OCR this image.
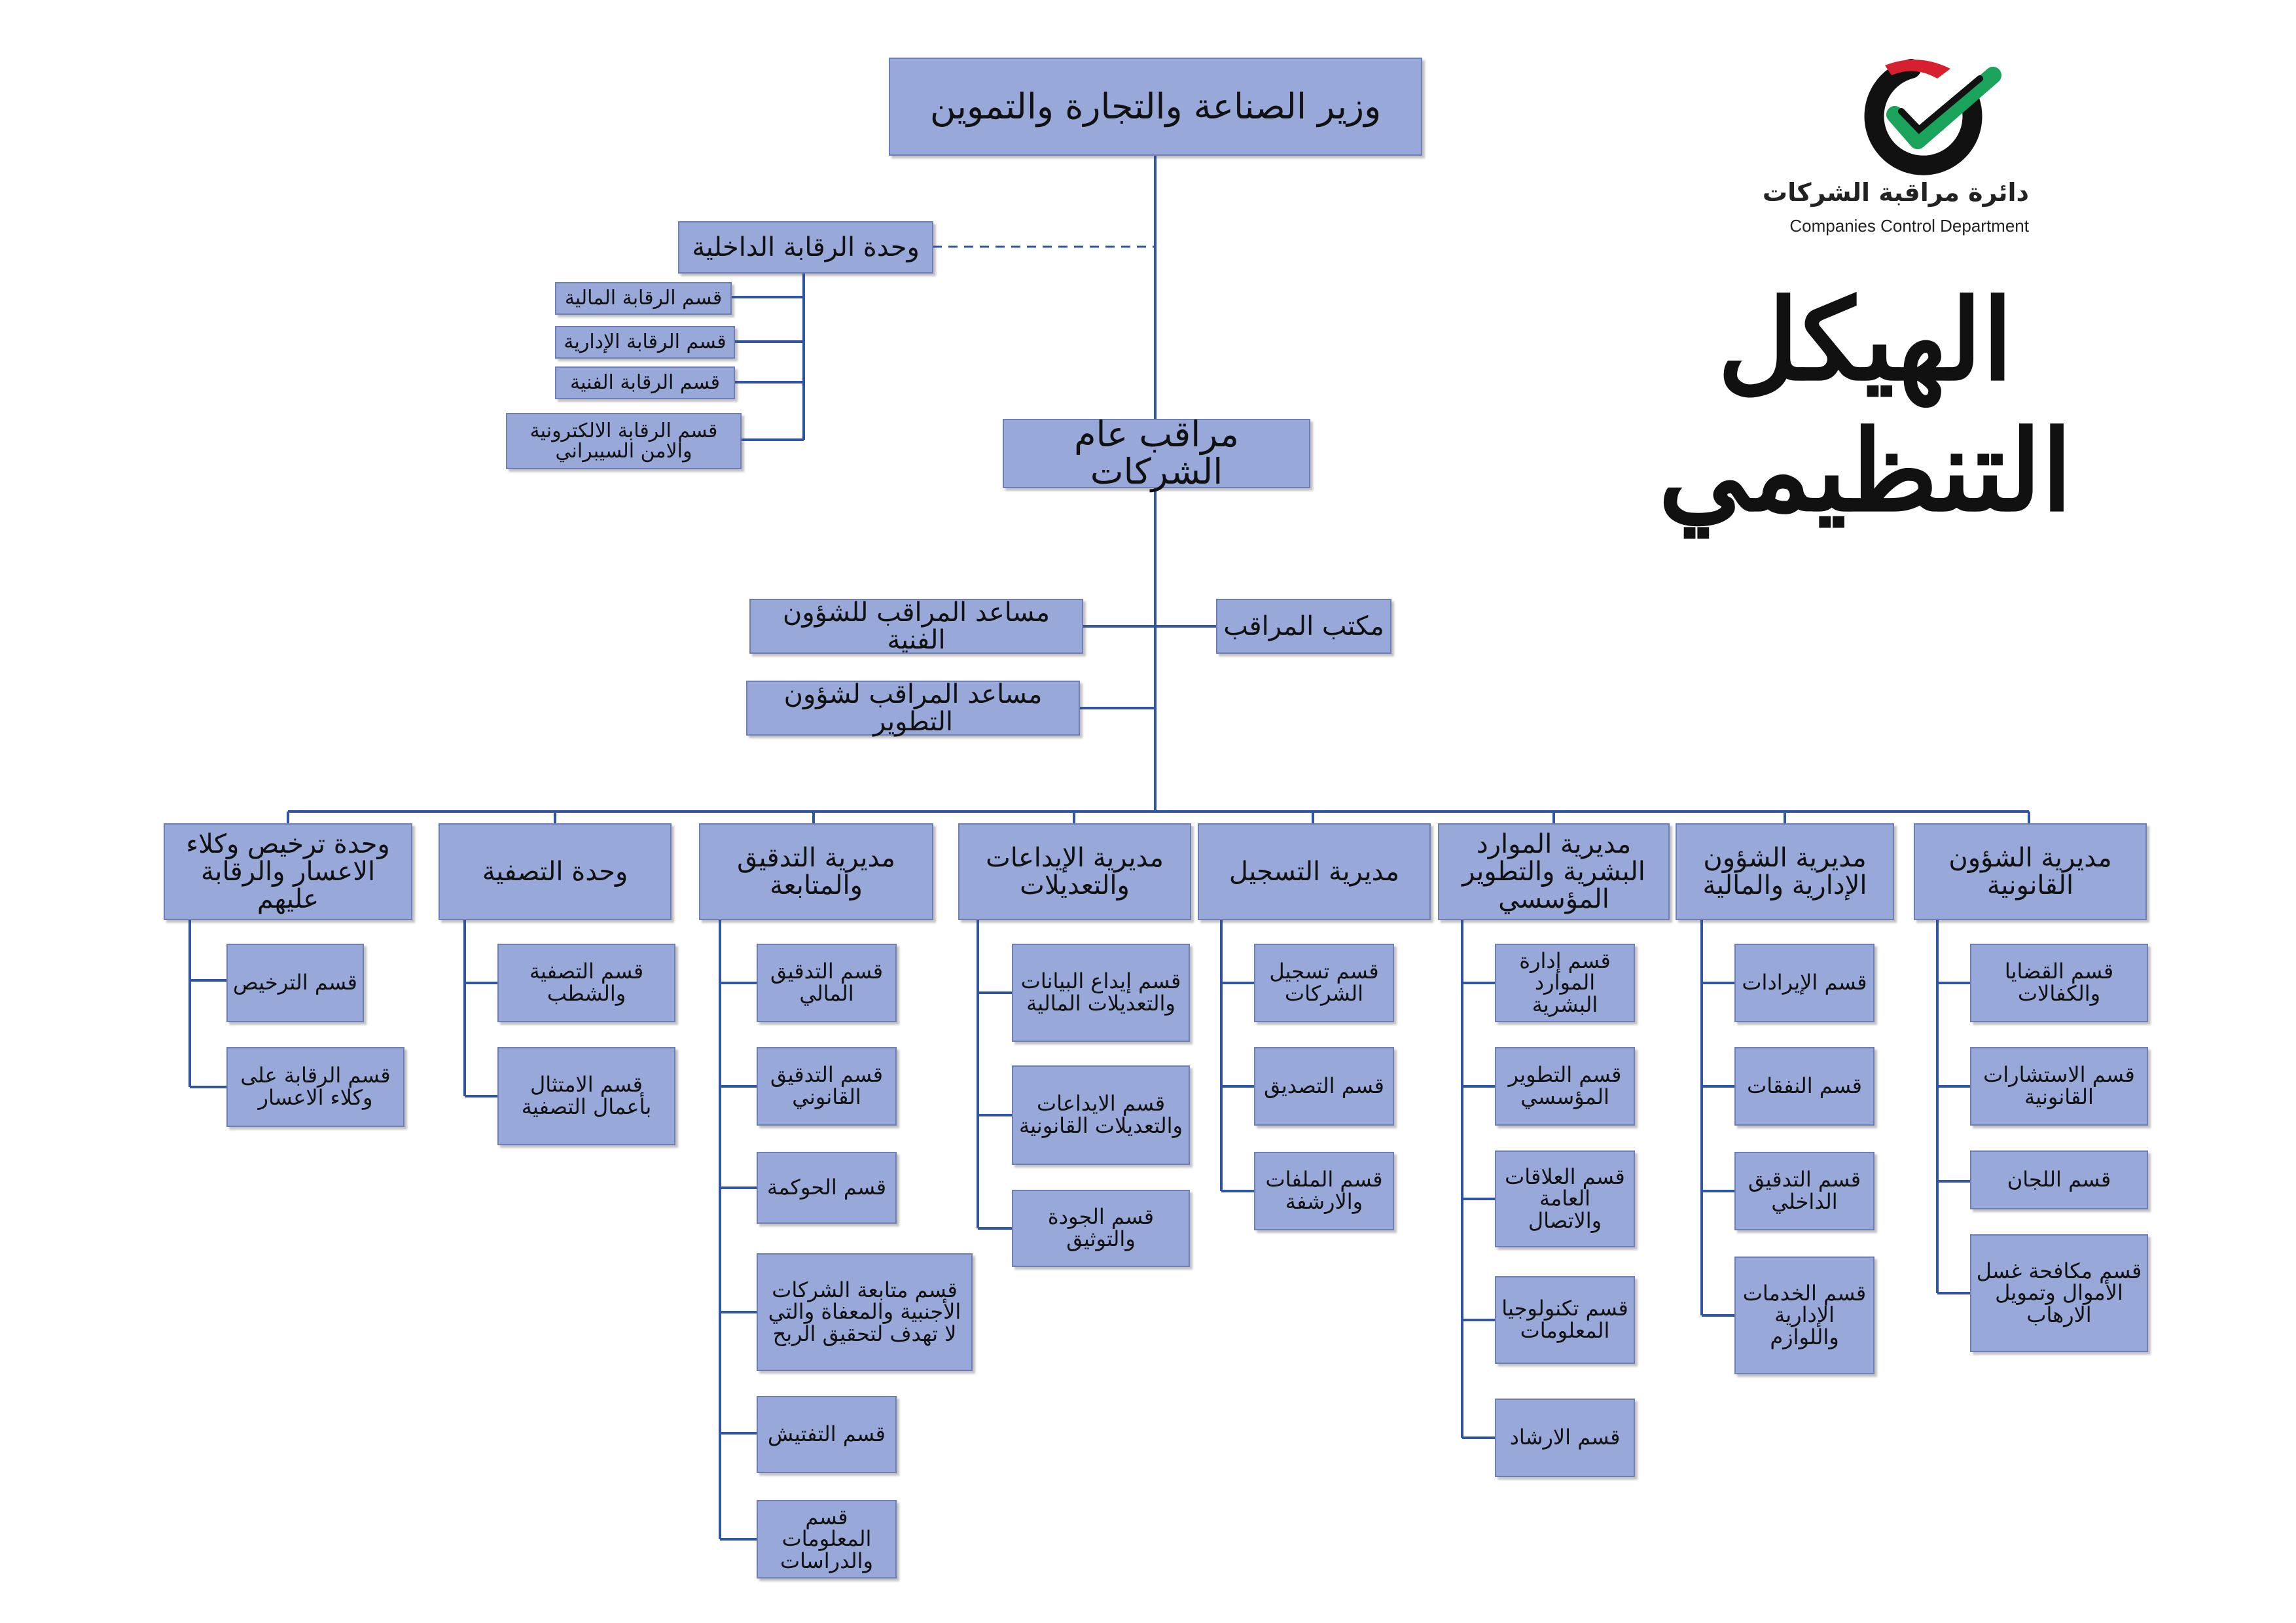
دائرة مراقبة الشركات
Companies Control Department
الهيكل التنظيمي
وزير الصناعة والتجارة والتموين
وحدة الرقابة الداخلية
قسم الرقابة المالية
قسم الرقابة الإدارية
قسم الرقابة الفنية
قسم الرقابة الالكترونية والامن السيبراني	مراقب عام الشركات
مكتب المراقب
مساعد المراقب للشؤون الفنية
مساعد المراقب لشؤون التطوير
مديرية الشؤون القانونية
مديرية الشؤون الإدارية والمالية
مديرية الموارد البشرية والتطوير المؤسسي
مديرية التسجيل
مديرية الإيداعات والتعديلات
مديرية التدقيق والمتابعة
وحدة التصفية
وحدة ترخيص وكلاء الاعسار والرقابة عليهم
قسم القضايا والكفالات
قسم الاستشارات القانونية
قسم اللجان
قسم مكافحة غسل الأموال وتمويل الارهاب
قسم الإيرادات
قسم النفقات
قسم التدقيق الداخلي
قسم الخدمات الإدارية واللوازم
قسم إدارة الموارد البشرية
قسم التطوير المؤسسي
قسم العلاقات العامة والاتصال
قسم تكنولوجيا المعلومات
قسم الارشاد
قسم تسجيل الشركات
قسم التصديق
قسم الملفات والارشفة
قسم إيداع البيانات والتعديلات المالية
قسم الايداعات والتعديلات القانونية
قسم الجودة والتوثيق
قسم التدقيق المالي
قسم التدقيق القانوني
قسم الحوكمة
قسم متابعة الشركات الأجنبية والمعفاة والتي لا تهدف لتحقيق الربح
قسم التفتيش
قسم المعلومات والدراسات
قسم التصفية والشطب
قسم الامتثال بأعمال التصفية
قسم الترخيص
قسم الرقابة على وكلاء الاعسار
